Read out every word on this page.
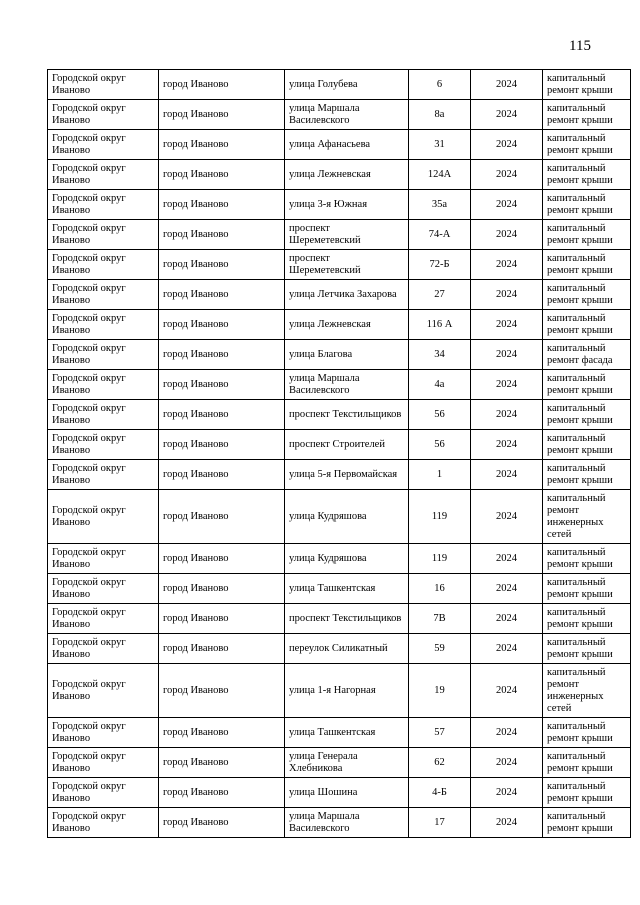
115
Городской округ Иваново	город Иваново	улица Голубева	6	2024	капитальный ремонт крыши
Городской округ Иваново	город Иваново	улица Маршала Василевского	8а	2024	капитальный ремонт крыши
Городской округ Иваново	город Иваново	улица Афанасьева	31	2024	капитальный ремонт крыши
Городской округ Иваново	город Иваново	улица Лежневская	124А	2024	капитальный ремонт крыши
Городской округ Иваново	город Иваново	улица 3-я Южная	35а	2024	капитальный ремонт крыши
Городской округ Иваново	город Иваново	проспект Шереметевский	74-А	2024	капитальный ремонт крыши
Городской округ Иваново	город Иваново	проспект Шереметевский	72-Б	2024	капитальный ремонт крыши
Городской округ Иваново	город Иваново	улица Летчика Захарова	27	2024	капитальный ремонт крыши
Городской округ Иваново	город Иваново	улица Лежневская	116 А	2024	капитальный ремонт крыши
Городской округ Иваново	город Иваново	улица Благова	34	2024	капитальный ремонт фасада
Городской округ Иваново	город Иваново	улица Маршала Василевского	4а	2024	капитальный ремонт крыши
Городской округ Иваново	город Иваново	проспект Текстильщиков	56	2024	капитальный ремонт крыши
Городской округ Иваново	город Иваново	проспект Строителей	56	2024	капитальный ремонт крыши
Городской округ Иваново	город Иваново	улица 5-я Первомайская	1	2024	капитальный ремонт крыши
Городской округ Иваново	город Иваново	улица Кудряшова	119	2024	капитальный ремонт инженерных сетей
Городской округ Иваново	город Иваново	улица Кудряшова	119	2024	капитальный ремонт крыши
Городской округ Иваново	город Иваново	улица Ташкентская	16	2024	капитальный ремонт крыши
Городской округ Иваново	город Иваново	проспект Текстильщиков	7В	2024	капитальный ремонт крыши
Городской округ Иваново	город Иваново	переулок Силикатный	59	2024	капитальный ремонт крыши
Городской округ Иваново	город Иваново	улица 1-я Нагорная	19	2024	капитальный ремонт инженерных сетей
Городской округ Иваново	город Иваново	улица Ташкентская	57	2024	капитальный ремонт крыши
Городской округ Иваново	город Иваново	улица Генерала Хлебникова	62	2024	капитальный ремонт крыши
Городской округ Иваново	город Иваново	улица Шошина	4-Б	2024	капитальный ремонт крыши
Городской округ Иваново	город Иваново	улица Маршала Василевского	17	2024	капитальный ремонт крыши
